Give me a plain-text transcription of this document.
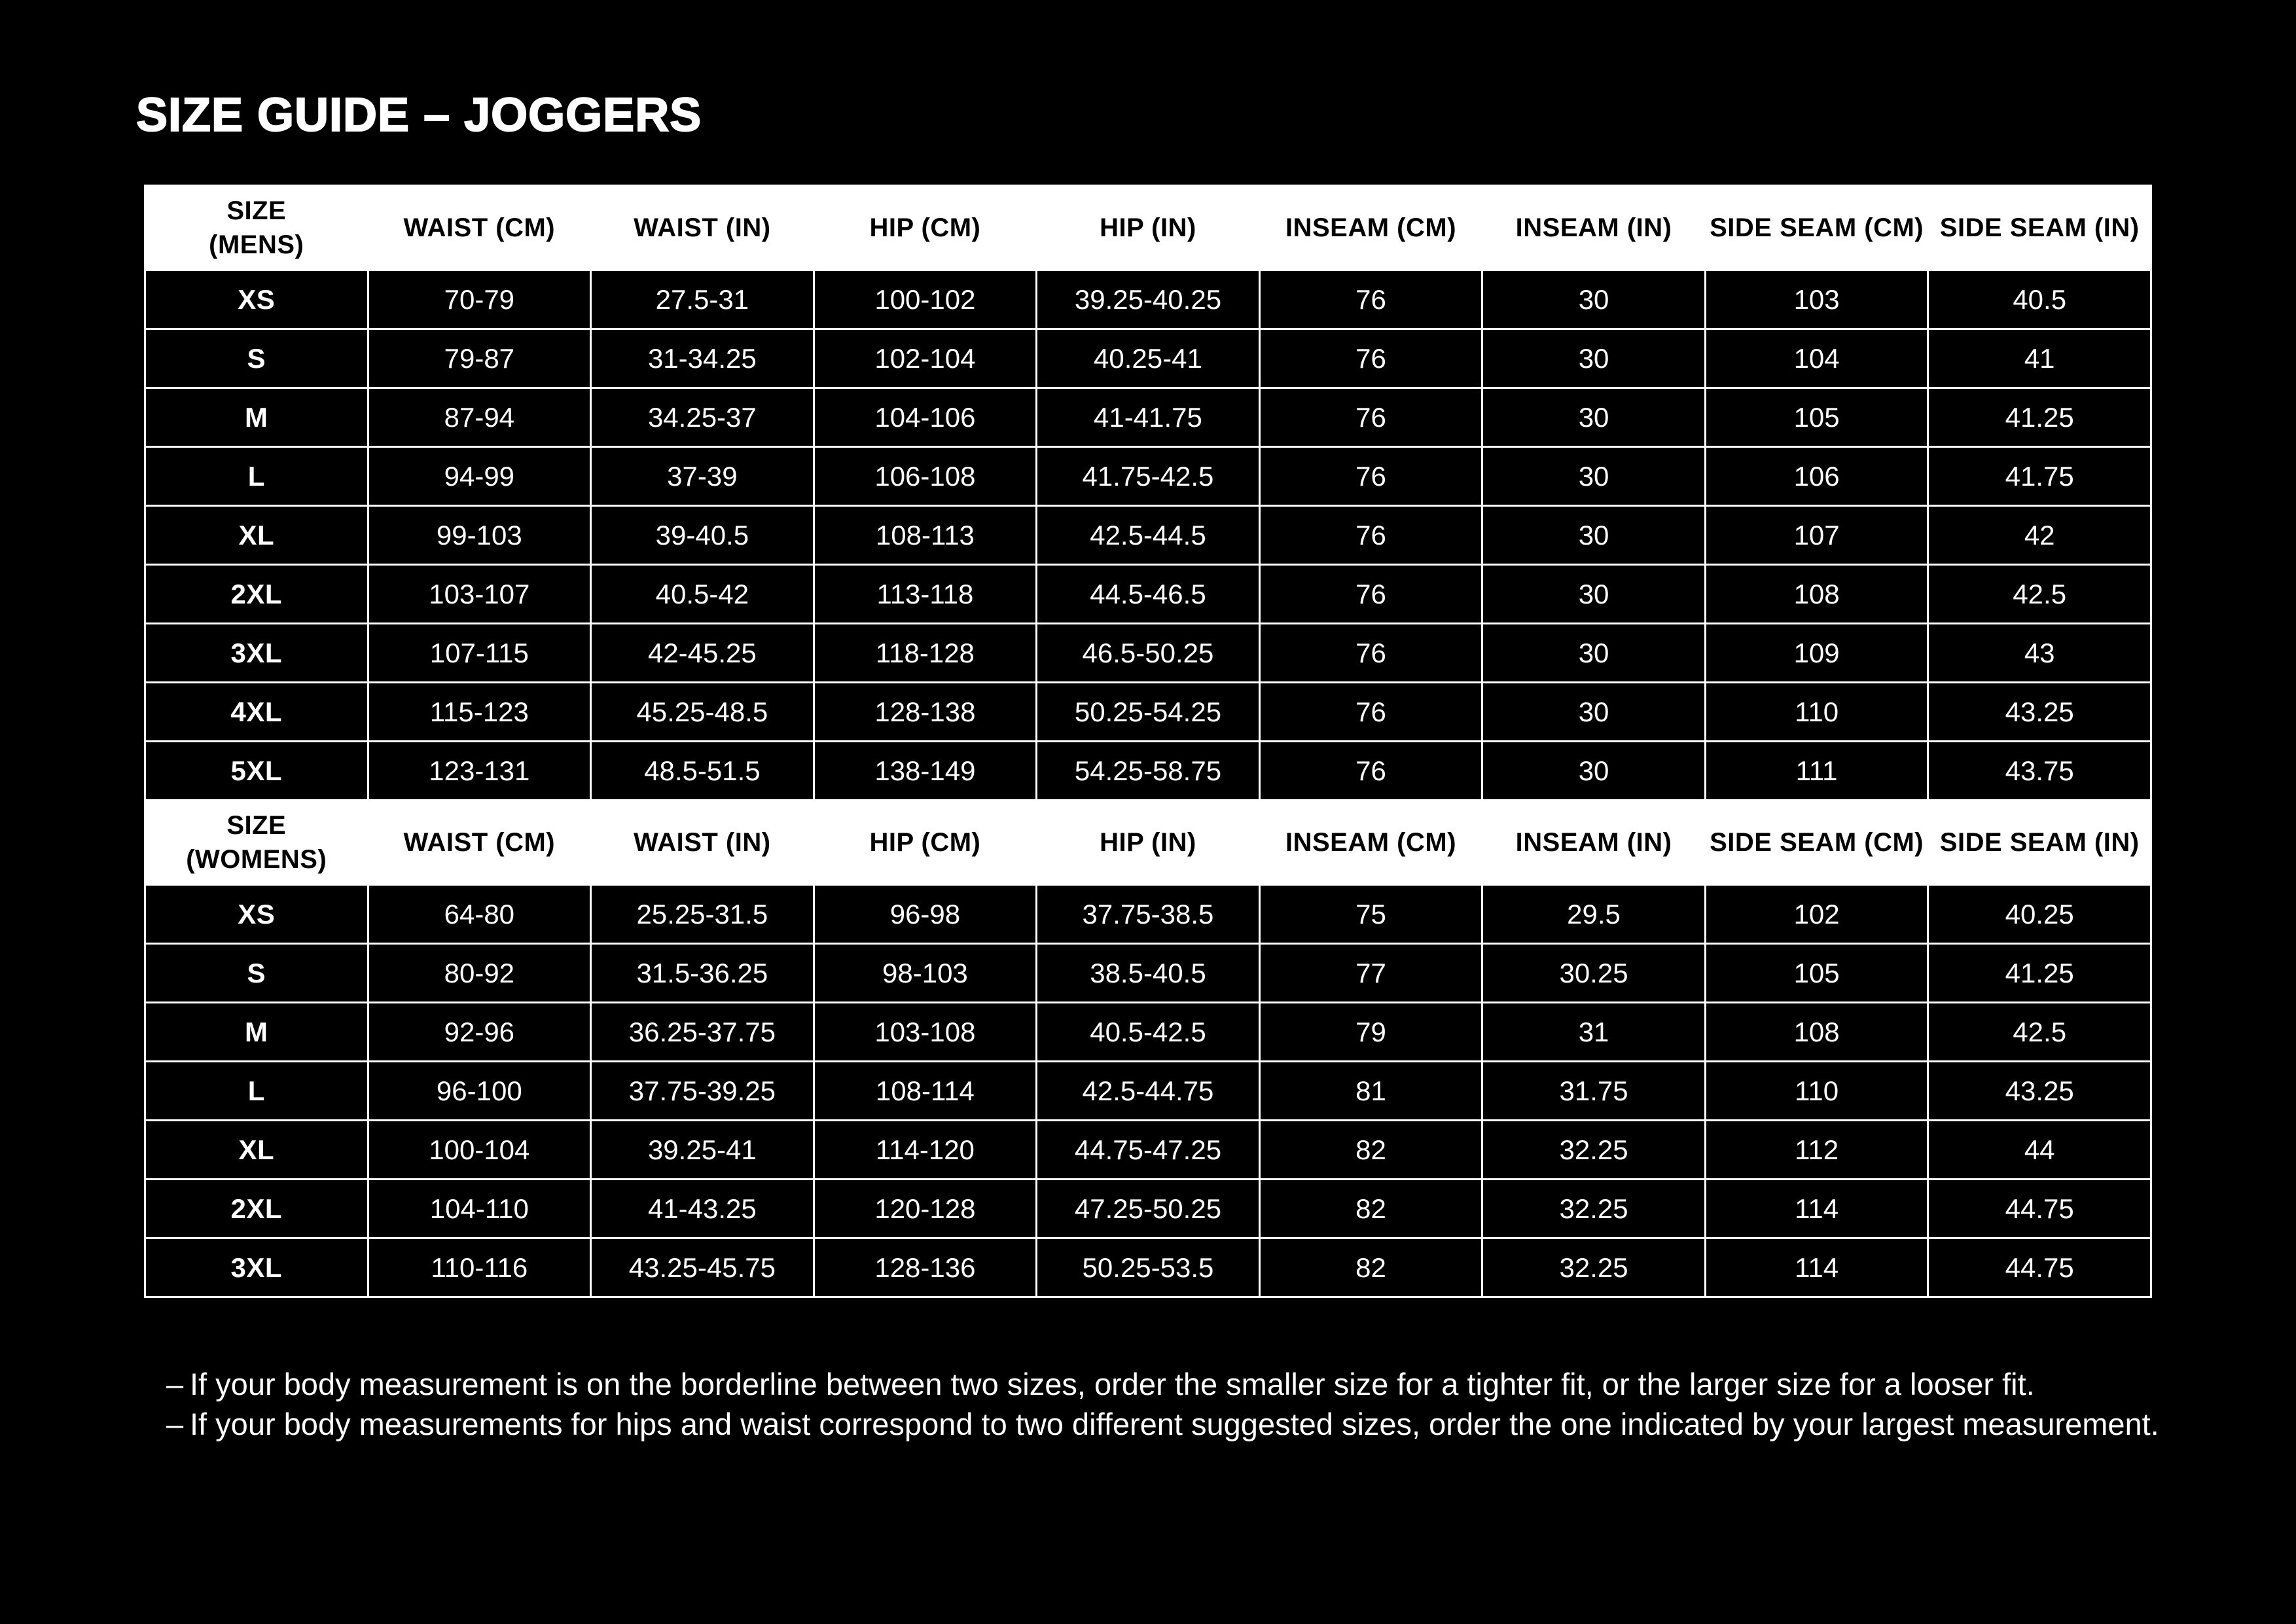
SIZE GUIDE – JOGGERS
SIZE
(MENS)	WAIST (CM)	WAIST (IN)	HIP (CM)	HIP (IN)	INSEAM (CM)	INSEAM (IN)	SIDE SEAM (CM)	SIDE SEAM (IN)
XS	70-79	27.5-31	100-102	39.25-40.25	76	30	103	40.5
S	79-87	31-34.25	102-104	40.25-41	76	30	104	41
M	87-94	34.25-37	104-106	41-41.75	76	30	105	41.25
L	94-99	37-39	106-108	41.75-42.5	76	30	106	41.75
XL	99-103	39-40.5	108-113	42.5-44.5	76	30	107	42
2XL	103-107	40.5-42	113-118	44.5-46.5	76	30	108	42.5
3XL	107-115	42-45.25	118-128	46.5-50.25	76	30	109	43
4XL	115-123	45.25-48.5	128-138	50.25-54.25	76	30	110	43.25
5XL	123-131	48.5-51.5	138-149	54.25-58.75	76	30	111	43.75
SIZE
(WOMENS)	WAIST (CM)	WAIST (IN)	HIP (CM)	HIP (IN)	INSEAM (CM)	INSEAM (IN)	SIDE SEAM (CM)	SIDE SEAM (IN)
XS	64-80	25.25-31.5	96-98	37.75-38.5	75	29.5	102	40.25
S	80-92	31.5-36.25	98-103	38.5-40.5	77	30.25	105	41.25
M	92-96	36.25-37.75	103-108	40.5-42.5	79	31	108	42.5
L	96-100	37.75-39.25	108-114	42.5-44.75	81	31.75	110	43.25
XL	100-104	39.25-41	114-120	44.75-47.25	82	32.25	112	44
2XL	104-110	41-43.25	120-128	47.25-50.25	82	32.25	114	44.75
3XL	110-116	43.25-45.75	128-136	50.25-53.5	82	32.25	114	44.75
– If your body measurement is on the borderline between two sizes, order the smaller size for a tighter fit, or the larger size for a looser fit.
– If your body measurements for hips and waist correspond to two different suggested sizes, order the one indicated by your largest measurement.
